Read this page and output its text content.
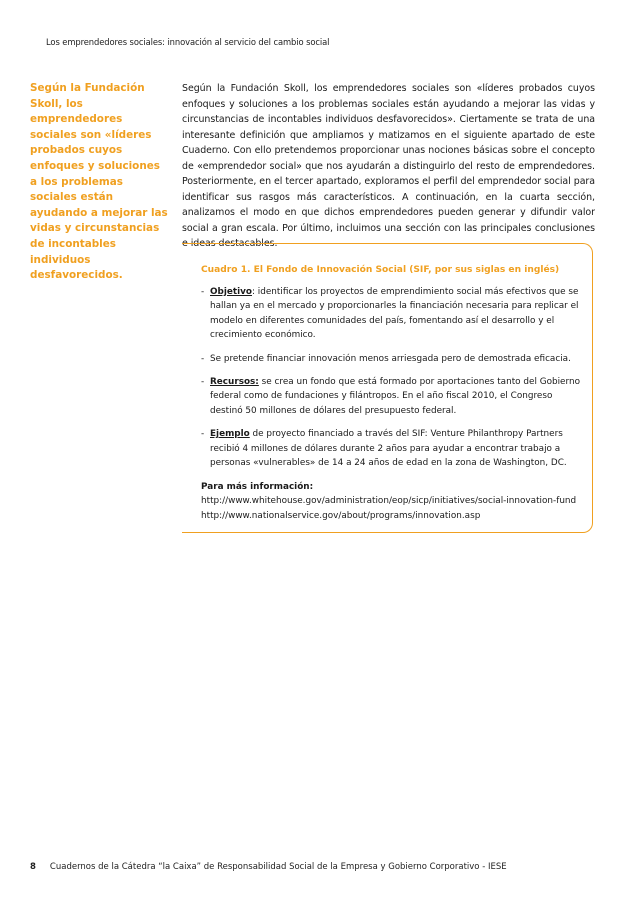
Los emprendedores sociales: innovación al servicio del cambio social
Según la Fundación Skoll, los emprendedores sociales son «líderes probados cuyos enfoques y soluciones a los problemas sociales están ayudando a mejorar las vidas y circunstancias de incontables individuos desfavorecidos.
Según la Fundación Skoll, los emprendedores sociales son «líderes probados cuyos enfoques y soluciones a los problemas sociales están ayudando a mejorar las vidas y circunstancias de incontables individuos desfavorecidos». Ciertamente se trata de una interesante definición que ampliamos y matizamos en el siguiente apartado de este Cuaderno. Con ello pretendemos proporcionar unas nociones básicas sobre el concepto de «emprendedor social» que nos ayudarán a distinguirlo del resto de emprendedores. Posteriormente, en el tercer apartado, exploramos el perfil del emprendedor social para identificar sus rasgos más característicos. A continuación, en la cuarta sección, analizamos el modo en que dichos emprendedores pueden generar y difundir valor social a gran escala. Por último, incluimos una sección con las principales conclusiones e ideas destacables.
Cuadro 1. El Fondo de Innovación Social (SIF, por sus siglas en inglés)
- Objetivo: identificar los proyectos de emprendimiento social más efectivos que se hallan ya en el mercado y proporcionarles la financiación necesaria para replicar el modelo en diferentes comunidades del país, fomentando así el desarrollo y el crecimiento económico.
- Se pretende financiar innovación menos arriesgada pero de demostrada eficacia.
- Recursos: se crea un fondo que está formado por aportaciones tanto del Gobierno federal como de fundaciones y filántropos. En el año fiscal 2010, el Congreso destinó 50 millones de dólares del presupuesto federal.
- Ejemplo de proyecto financiado a través del SIF: Venture Philanthropy Partners recibió 4 millones de dólares durante 2 años para ayudar a encontrar trabajo a personas «vulnerables» de 14 a 24 años de edad en la zona de Washington, DC.
Para más información:
http://www.whitehouse.gov/administration/eop/sicp/initiatives/social-innovation-fund
http://www.nationalservice.gov/about/programs/innovation.asp
8 Cuadernos de la Cátedra “la Caixa” de Responsabilidad Social de la Empresa y Gobierno Corporativo - IESE
